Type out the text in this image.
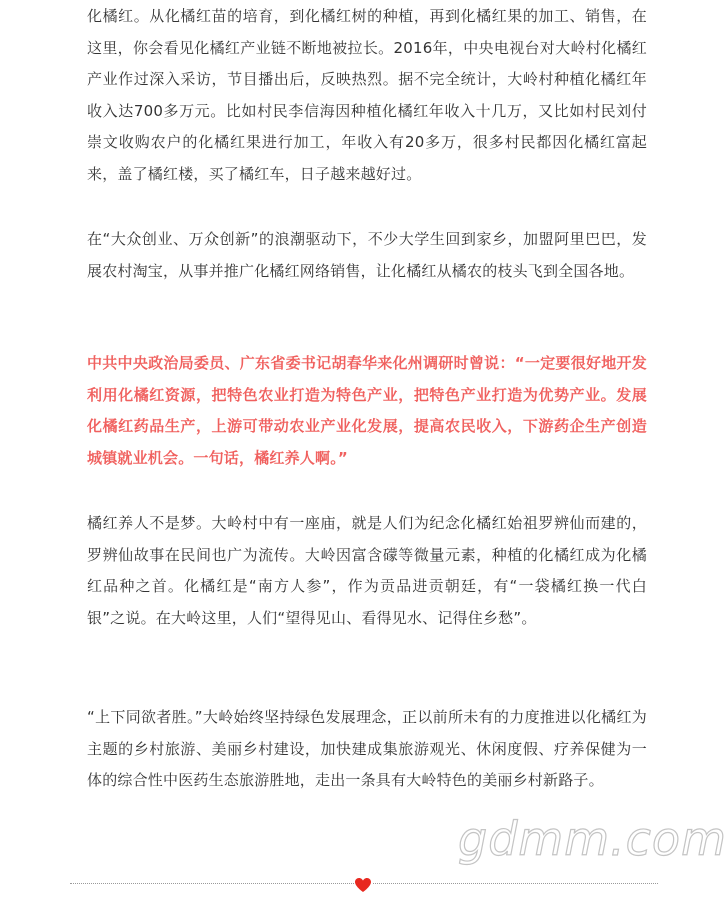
化橘红。从化橘红苗的培育，到化橘红树的种植，再到化橘红果的加工、销售，在这里，你会看见化橘红产业链不断地被拉长。2016年，中央电视台对大岭村化橘红产业作过深入采访，节目播出后，反映热烈。据不完全统计，大岭村种植化橘红年收入达700多万元。比如村民李信海因种植化橘红年收入十几万，又比如村民刘付崇文收购农户的化橘红果进行加工，年收入有20多万，很多村民都因化橘红富起来，盖了橘红楼，买了橘红车，日子越来越好过。

在“大众创业、万众创新”的浪潮驱动下，不少大学生回到家乡，加盟阿里巴巴，发展农村淘宝，从事并推广化橘红网络销售，让化橘红从橘农的枝头飞到全国各地。

中共中央政治局委员、广东省委书记胡春华来化州调研时曾说：“一定要很好地开发利用化橘红资源，把特色农业打造为特色产业，把特色产业打造为优势产业。发展化橘红药品生产，上游可带动农业产业化发展，提高农民收入，下游药企生产创造城镇就业机会。一句话，橘红养人啊。”

橘红养人不是梦。大岭村中有一座庙，就是人们为纪念化橘红始祖罗辨仙而建的，罗辨仙故事在民间也广为流传。大岭因富含礞等微量元素，种植的化橘红成为化橘红品种之首。化橘红是“南方人参”，作为贡品进贡朝廷，有“一袋橘红换一代白银”之说。在大岭这里，人们“望得见山、看得见水、记得住乡愁”。

“上下同欲者胜。”大岭始终坚持绿色发展理念，正以前所未有的力度推进以化橘红为主题的乡村旅游、美丽乡村建设，加快建成集旅游观光、休闲度假、疗养保健为一体的综合性中医药生态旅游胜地，走出一条具有大岭特色的美丽乡村新路子。

gdmm.com
